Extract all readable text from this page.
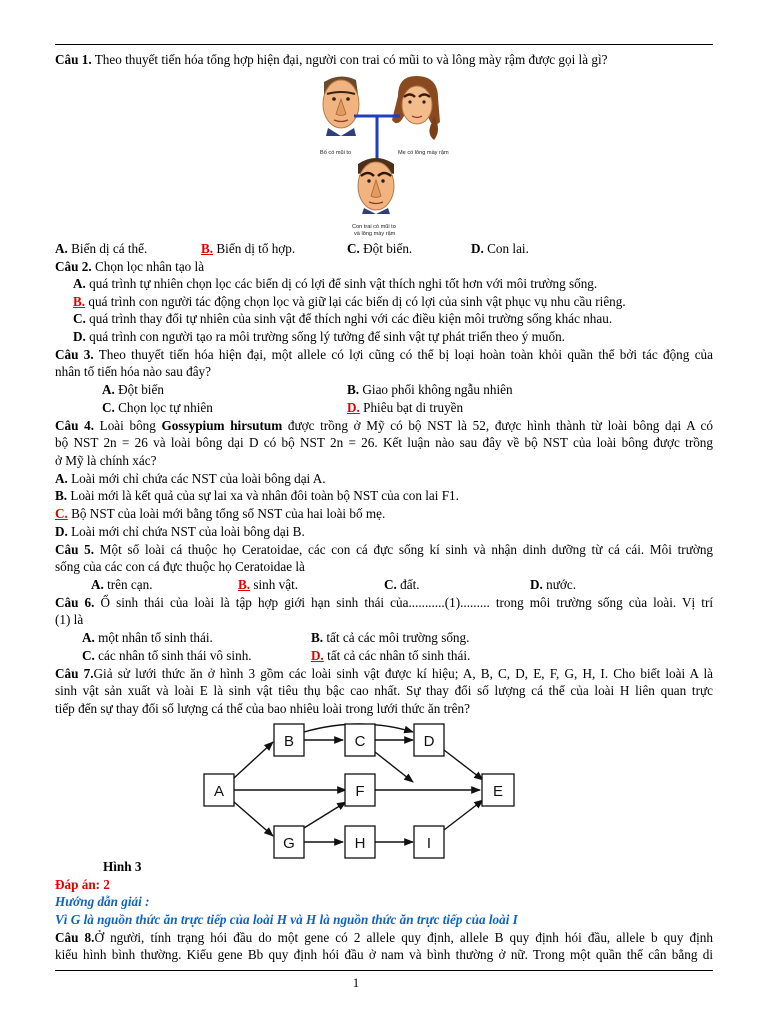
Câu 1. Theo thuyết tiến hóa tổng hợp hiện đại, người con trai có mũi to và lông mày rậm được gọi là gì?
Bố có mũi to	Mẹ có lông mày rậm
Con trai có mũi to
và lông mày rậm
A. Biến dị cá thể.	B. Biến dị tổ hợp.	C. Đột biến.	D. Con lai.
Câu 2. Chọn lọc nhân tạo là
A. quá trình tự nhiên chọn lọc các biến dị có lợi để sinh vật thích nghi tốt hơn với môi trường sống.
B. quá trình con người tác động chọn lọc và giữ lại các biến dị có lợi của sinh vật phục vụ nhu cầu riêng.
C. quá trình thay đổi tự nhiên của sinh vật để thích nghi với các điều kiện môi trường sống khác nhau.
D. quá trình con người tạo ra môi trường sống lý tưởng để sinh vật tự phát triển theo ý muốn.
Câu 3. Theo thuyết tiến hóa hiện đại, một allele có lợi cũng có thể bị loại hoàn toàn khỏi quần thể bởi tác động của
nhân tố tiến hóa nào sau đây?
A. Đột biến	B. Giao phối không ngẫu nhiên
C. Chọn lọc tự nhiên	D. Phiêu bạt di truyền
Câu 4. Loài bông Gossypium hirsutum được trồng ở Mỹ có bộ NST là 52, được hình thành từ loài bông dại A có
bộ NST 2n = 26 và loài bông dại D có bộ NST 2n = 26. Kết luận nào sau đây về bộ NST của loài bông được trồng
ở Mỹ là chính xác?
A. Loài mới chỉ chứa các NST của loài bông dại A.
B. Loài mới là kết quả của sự lai xa và nhân đôi toàn bộ NST của con lai F1.
C. Bộ NST của loài mới bằng tổng số NST của hai loài bố mẹ.
D. Loài mới chỉ chứa NST của loài bông dại B.
Câu 5. Một số loài cá thuộc họ Ceratoidae, các con cá đực sống kí sinh và nhận dinh dưỡng từ cá cái. Môi trường
sống của các con cá đực thuộc họ Ceratoidae là
A. trên cạn.	B. sinh vật.	C. đất.	D. nước.
Câu 6. Ổ sinh thái của loài là tập hợp giới hạn sinh thái của...........(1)......... trong môi trường sống của loài. Vị trí
(1) là
A. một nhân tố sinh thái.	B. tất cả các môi trường sống.
C. các nhân tố sinh thái vô sinh.	D. tất cả các nhân tố sinh thái.
Câu 7.Giả sử lưới thức ăn ở hình 3 gồm các loài sinh vật được kí hiệu; A, B, C, D, E, F, G, H, I. Cho biết loài A là
sinh vật sản xuất và loài E là sinh vật tiêu thụ bậc cao nhất. Sự thay đổi số lượng cá thể của loài H liên quan trực
tiếp đến sự thay đổi số lượng cá thể của bao nhiêu loài trong lưới thức ăn trên?
A
B	C	D
E
F
G	H	I
Hình 3
Đáp án: 2
Hướng dẫn giải :
Vì G là nguồn thức ăn trực tiếp của loài H và H là nguồn thức ăn trực tiếp của loài I
Câu 8.Ở người, tính trạng hói đầu do một gene có 2 allele quy định, allele B quy định hói đầu, allele b quy định
kiểu hình bình thường. Kiểu gene Bb quy định hói đầu ở nam và bình thường ở nữ. Trong một quần thể cân bằng di
1
